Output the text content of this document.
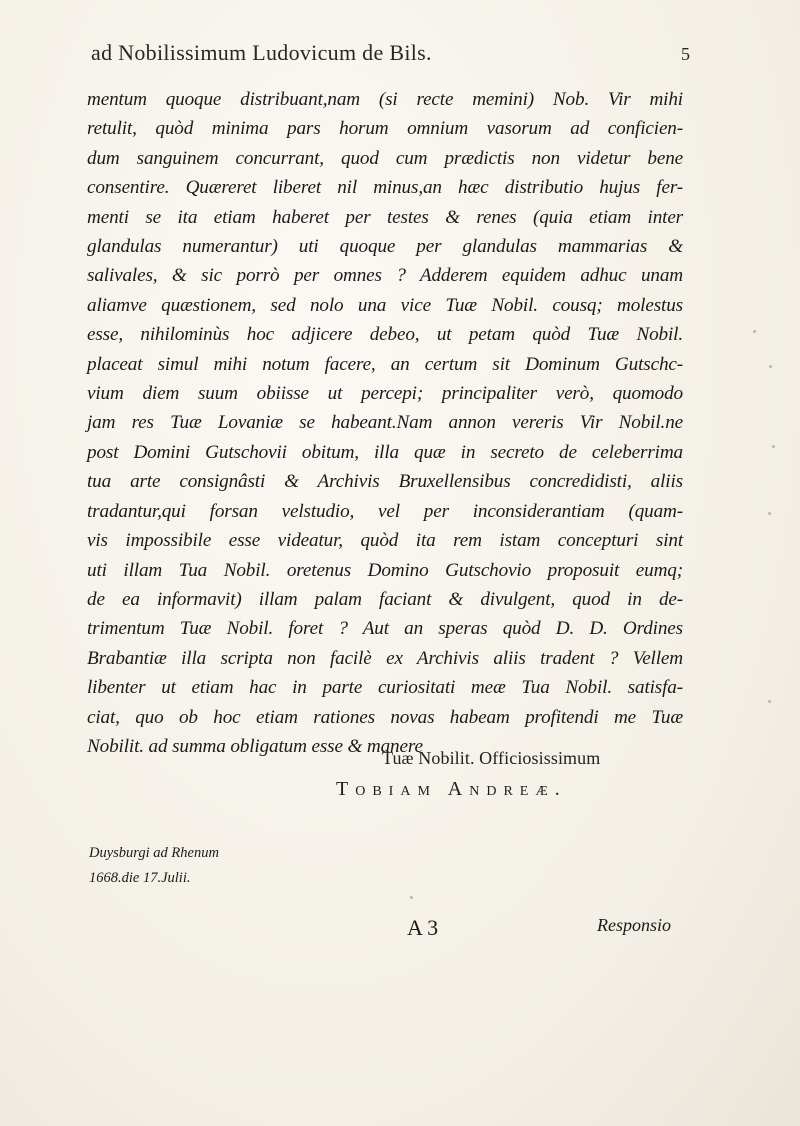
ad Nobilissimum Ludovicum de Bils.	5
mentum quoque distribuant,nam (si recte memini) Nob. Vir mihi
retulit, quòd minima pars horum omnium vasorum ad conficien-
dum sanguinem concurrant, quod cum prædictis non videtur bene
consentire. Quæreret liberet nil minus,an hæc distributio hujus fer-
menti se ita etiam haberet per testes & renes (quia etiam inter
glandulas numerantur) uti quoque per glandulas mammarias &
salivales, & sic porrò per omnes ? Adderem equidem adhuc unam
aliamve quæstionem, sed nolo una vice Tuæ Nobil. cousq; molestus
esse, nihilominùs hoc adjicere debeo, ut petam quòd Tuæ Nobil.
placeat simul mihi notum facere, an certum sit Dominum Gutschc-
vium diem suum obiisse ut percepi; principaliter verò, quomodo
jam res Tuæ Lovaniæ se habeant.Nam annon vereris Vir Nobil.ne
post Domini Gutschovii obitum, illa quæ in secreto de celeberrima
tua arte consignâsti & Archivis Bruxellensibus concredidisti, aliis
tradantur,qui forsan velstudio, vel per inconsiderantiam (quam-
vis impossibile esse videatur, quòd ita rem istam concepturi sint
uti illam Tua Nobil. oretenus Domino Gutschovio proposuit eumq;
de ea informavit) illam palam faciant & divulgent, quod in de-
trimentum Tuæ Nobil. foret ? Aut an speras quòd D. D. Ordines
Brabantiæ illa scripta non facilè ex Archivis aliis tradent ? Vellem
libenter ut etiam hac in parte curiositati meæ Tua Nobil. satisfa-
ciat, quo ob hoc etiam rationes novas habeam profitendi me Tuæ
Nobilit. ad summa obligatum esse & manere
Tuæ Nobilit. Officiosissimum
Tobiam Andreæ.
Duysburgi ad Rhenum
1668.die 17.Julii.
A 3	Responsio
